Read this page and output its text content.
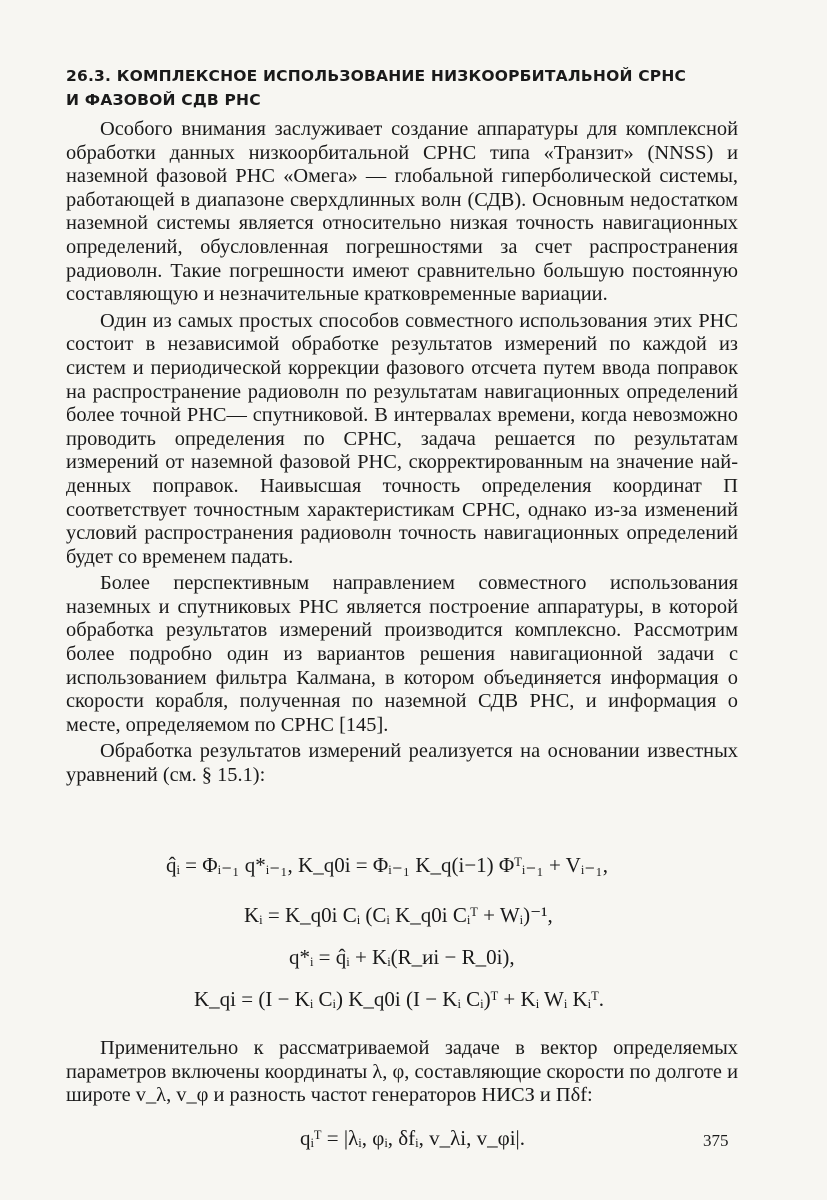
26.3. КОМПЛЕКСНОЕ ИСПОЛЬЗОВАНИЕ НИЗКООРБИТАЛЬНОЙ СРНС
И ФАЗОВОЙ СДВ РНС

Особого внимания заслуживает создание аппаратуры для комплексной обработки данных низкоорбитальной СРНС типа «Транзит» (NNSS) и наземной фазовой РНС «Омега» — глобальной гиперболической системы, работающей в диапазоне сверхдлинных волн (СДВ). Основным недостатком наземной системы является относительно низкая точность навигационных определений, обусловленная погрешностями за счет распространения радиоволн. Такие погрешности имеют сравнительно большую постоянную составляющую и незначительные кратковременные вариации.

Один из самых простых способов совместного использования этих РНС состоит в независимой обработке результатов измерений по каждой из систем и периодической коррекции фазового отсчета путем ввода поправок на распространение радиоволн по результатам навигационных определений более точной РНС— спутниковой. В интервалах времени, когда невозможно проводить определения по СРНС, задача решается по результатам измерений от наземной фазовой РНС, скорректированным на значение найденных поправок. Наивысшая точность определения координат П соответствует точностным характеристикам СРНС, однако из-за изменений условий распространения радиоволн точность навигационных определений будет со временем падать.

Более перспективным направлением совместного использования наземных и спутниковых РНС является построение аппаратуры, в которой обработка результатов измерений производится комплексно. Рассмотрим более подробно один из вариантов решения навигационной задачи с использованием фильтра Калмана, в котором объединяется информация о скорости корабля, полученная по наземной СДВ РНС, и информация о месте, определяемом по СРНС [145].

Обработка результатов измерений реализуется на основании известных уравнений (см. § 15.1):

q̂ᵢ = Φᵢ₋₁ q*ᵢ₋₁, K_q0i = Φᵢ₋₁ K_q(i−1) Φᵀᵢ₋₁ + Vᵢ₋₁,
Kᵢ = K_q0i Cᵢ (Cᵢ K_q0i Cᵢᵀ + Wᵢ)⁻¹,
q*ᵢ = q̂ᵢ + Kᵢ(R_иi − R_0i),
K_qi = (I − Kᵢ Cᵢ) K_q0i (I − Kᵢ Cᵢ)ᵀ + Kᵢ Wᵢ Kᵢᵀ.

Применительно к рассматриваемой задаче в вектор определяемых параметров включены координаты λ, φ, составляющие скорости по долготе и широте v_λ, v_φ и разность частот генераторов НИСЗ и Πδf:

qᵢᵀ = |λᵢ, φᵢ, δfᵢ, v_λi, v_φi|.	375
